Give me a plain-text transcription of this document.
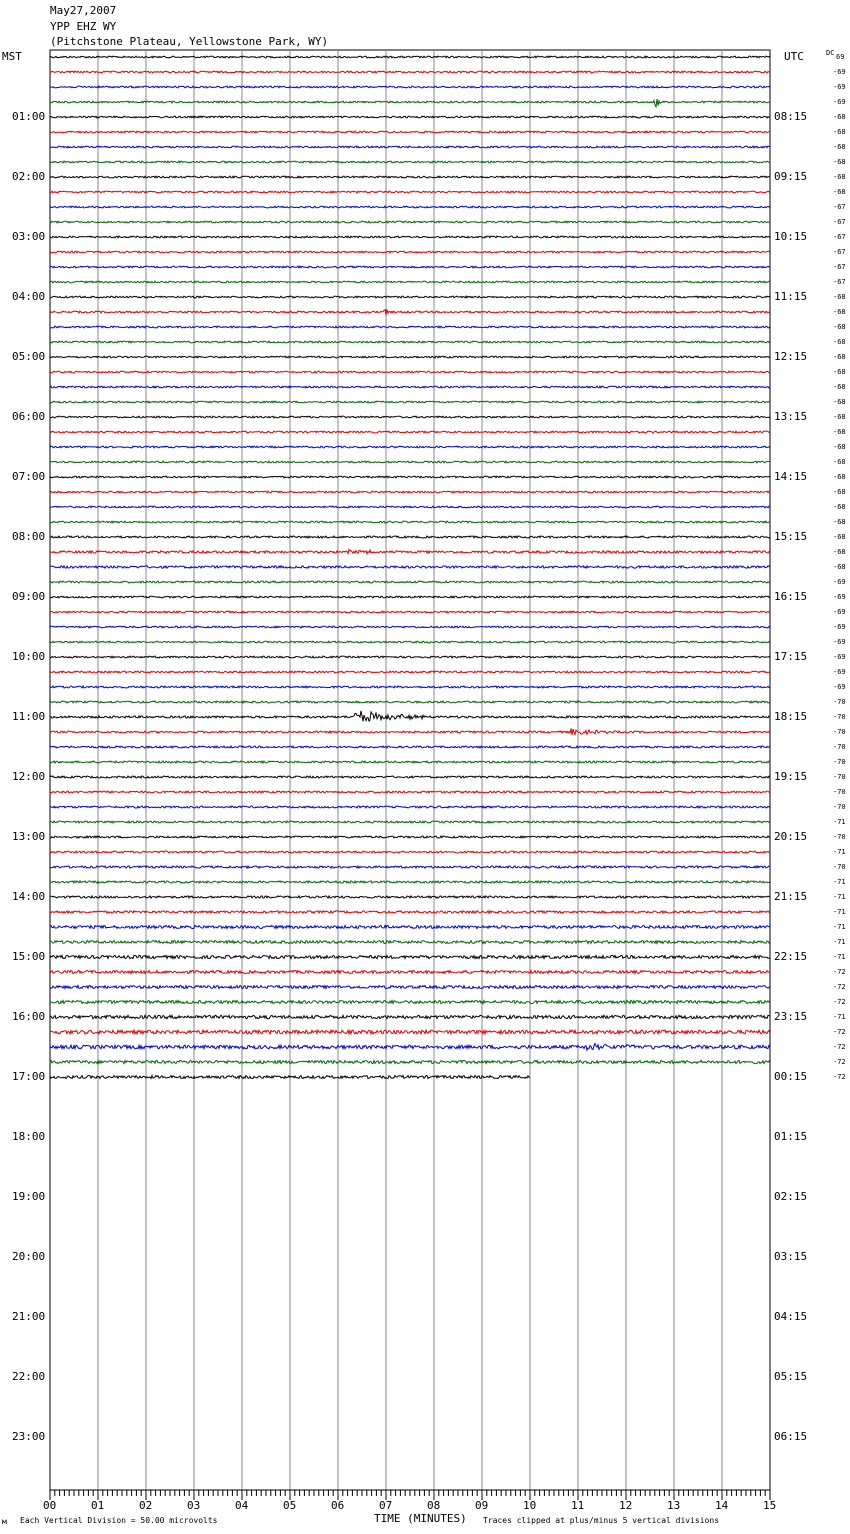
May27,2007
YPP EHZ WY
(Pitchstone Plateau, Yellowstone Park, WY)
MST	UTC	DC
01:00
02:00
03:00
04:00
05:00
06:00
07:00
08:00
09:00
10:00
11:00
12:00
13:00
14:00
15:00
16:00
17:00
18:00
19:00
20:00
21:00
22:00
23:00
08:15
09:15
10:15
11:15
12:15
13:15
14:15
15:15
16:15
17:15
18:15
19:15
20:15
21:15
22:15
23:15
00:15
01:15
02:15
03:15
04:15
05:15
06:15
69
-69
-69
-69
-68
-68
-68
-68
-68
-68
-67
-67
-67
-67
-67
-67
-68
-68
-68
-68
-68
-68
-68
-68
-68
-68
-68
-68
-68
-68
-68
-68
-68
-68
-68
-69
-69
-69
-69
-69
-69
-69
-69
-70
-70
-70
-70
-70
-70
-70
-70
-71
-70
-71
-70
-71
-71
-71
-71
-71
-71
-72
-72
-72
-71
-72
-72
-72
-72
00	01	02	03	04	05	06	07	08	09	10	11	12	13	14	15
м Each Vertical Division = 50.00 microvolts	TIME (MINUTES) Traces clipped at plus/minus 5 vertical divisions
